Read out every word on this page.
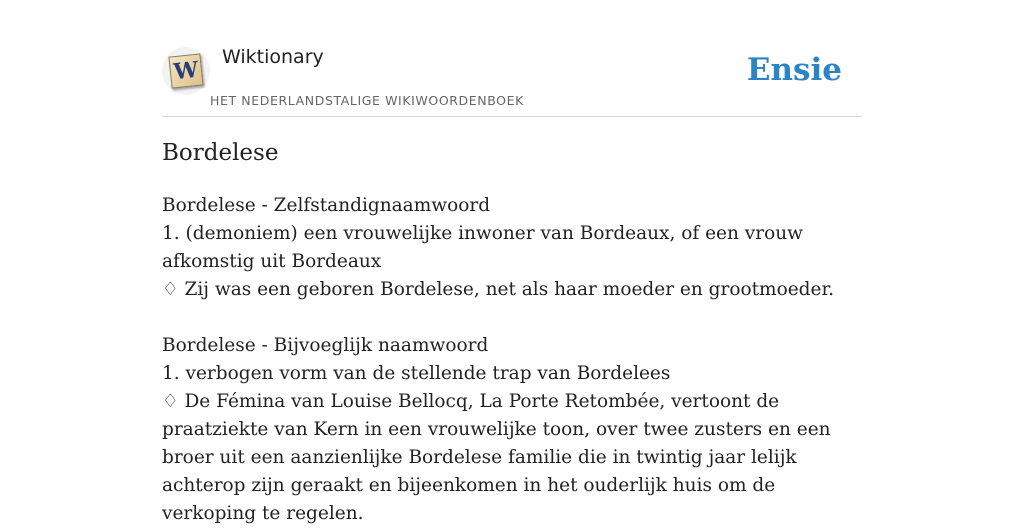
W Wiktionary
HET NEDERLANDSTALIGE WIKIWOORDENBOEK
Ensie
Bordelese
Bordelese - Zelfstandignaamwoord
1. (demoniem) een vrouwelijke inwoner van Bordeaux, of een vrouw afkomstig uit Bordeaux
♢ Zij was een geboren Bordelese, net als haar moeder en grootmoeder.
Bordelese - Bijvoeglijk naamwoord
1. verbogen vorm van de stellende trap van Bordelees
♢ De Fémina van Louise Bellocq, La Porte Retombée, vertoont de praatziekte van Kern in een vrouwelijke toon, over twee zusters en een broer uit een aanzienlijke Bordelese familie die in twintig jaar lelijk achterop zijn geraakt en bijeenkomen in het ouderlijk huis om de verkoping te regelen.
